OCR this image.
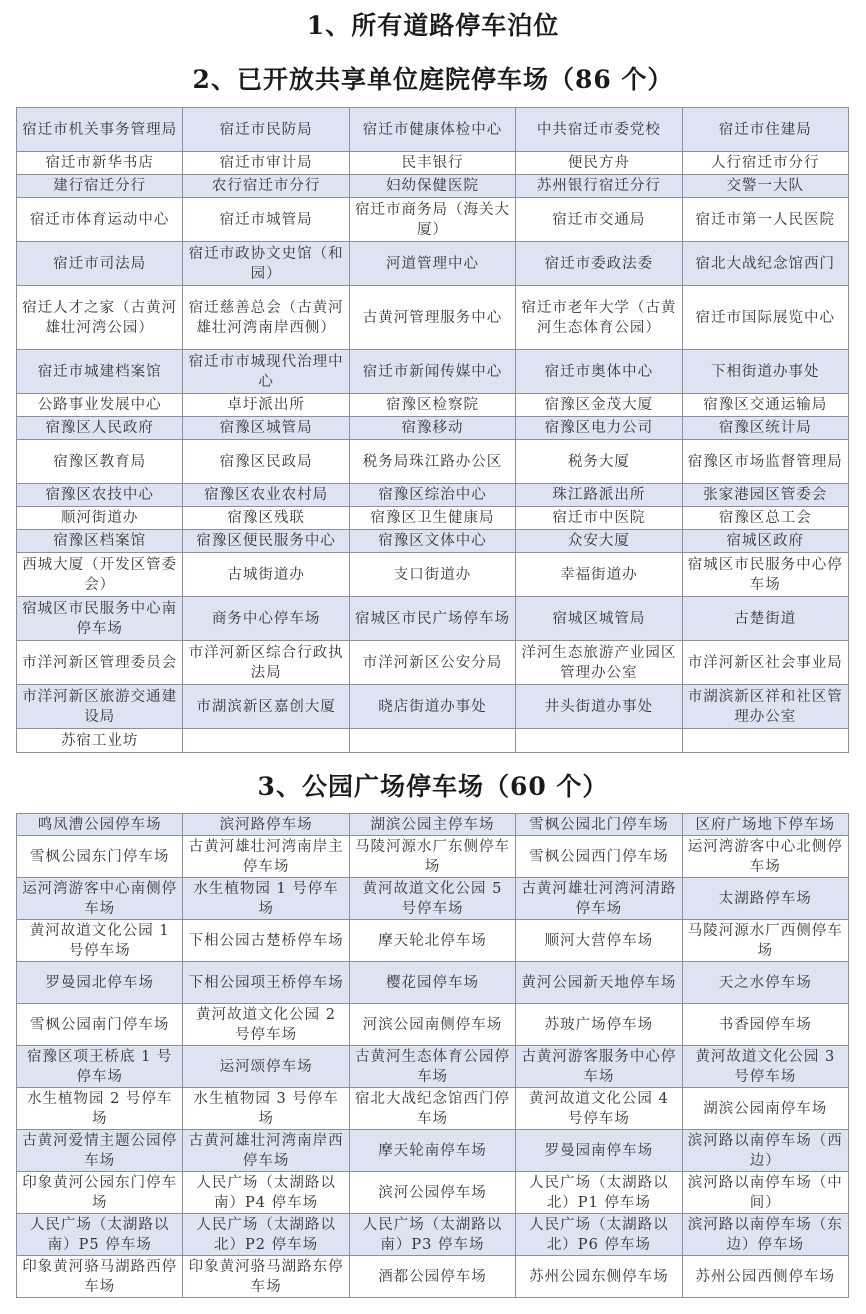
1、所有道路停车泊位
2、已开放共享单位庭院停车场（86 个）
宿迁市机关事务管理局	宿迁市民防局	宿迁市健康体检中心	中共宿迁市委党校	宿迁市住建局
宿迁市新华书店	宿迁市审计局	民丰银行	便民方舟	人行宿迁市分行
建行宿迁分行	农行宿迁市分行	妇幼保健医院	苏州银行宿迁分行	交警一大队
宿迁市体育运动中心	宿迁市城管局	宿迁市商务局（海关大厦）	宿迁市交通局	宿迁市第一人民医院
宿迁市司法局	宿迁市政协文史馆（和园）	河道管理中心	宿迁市委政法委	宿北大战纪念馆西门
宿迁人才之家（古黄河雄壮河湾公园）	宿迁慈善总会（古黄河雄壮河湾南岸西侧）	古黄河管理服务中心	宿迁市老年大学（古黄河生态体育公园）	宿迁市国际展览中心
宿迁市城建档案馆	宿迁市市城现代治理中心	宿迁市新闻传媒中心	宿迁市奥体中心	下相街道办事处
公路事业发展中心	卓圩派出所	宿豫区检察院	宿豫区金茂大厦	宿豫区交通运输局
宿豫区人民政府	宿豫区城管局	宿豫移动	宿豫区电力公司	宿豫区统计局
宿豫区教育局	宿豫区民政局	税务局珠江路办公区	税务大厦	宿豫区市场监督管理局
宿豫区农技中心	宿豫区农业农村局	宿豫区综治中心	珠江路派出所	张家港园区管委会
顺河街道办	宿豫区残联	宿豫区卫生健康局	宿迁市中医院	宿豫区总工会
宿豫区档案馆	宿豫区便民服务中心	宿豫区文体中心	众安大厦	宿城区政府
西城大厦（开发区管委会）	古城街道办	支口街道办	幸福街道办	宿城区市民服务中心停车场
宿城区市民服务中心南停车场	商务中心停车场	宿城区市民广场停车场	宿城区城管局	古楚街道
市洋河新区管理委员会	市洋河新区综合行政执法局	市洋河新区公安分局	洋河生态旅游产业园区管理办公室	市洋河新区社会事业局
市洋河新区旅游交通建设局	市湖滨新区嘉创大厦	晓店街道办事处	井头街道办事处	市湖滨新区祥和社区管理办公室
苏宿工业坊				
3、公园广场停车场（60 个）
鸣凤漕公园停车场	滨河路停车场	湖滨公园主停车场	雪枫公园北门停车场	区府广场地下停车场
雪枫公园东门停车场	古黄河雄壮河湾南岸主停车场	马陵河源水厂东侧停车场	雪枫公园西门停车场	运河湾游客中心北侧停车场
运河湾游客中心南侧停车场	水生植物园 1 号停车场	黄河故道文化公园 5 号停车场	古黄河雄壮河湾河清路停车场	太湖路停车场
黄河故道文化公园 1 号停车场	下相公园古楚桥停车场	摩天轮北停车场	顺河大营停车场	马陵河源水厂西侧停车场
罗曼园北停车场	下相公园项王桥停车场	樱花园停车场	黄河公园新天地停车场	天之水停车场
雪枫公园南门停车场	黄河故道文化公园 2 号停车场	河滨公园南侧停车场	苏玻广场停车场	书香园停车场
宿豫区项王桥底 1 号停车场	运河颂停车场	古黄河生态体育公园停车场	古黄河游客服务中心停车场	黄河故道文化公园 3 号停车场
水生植物园 2 号停车场	水生植物园 3 号停车场	宿北大战纪念馆西门停车场	黄河故道文化公园 4 号停车场	湖滨公园南停车场
古黄河爱情主题公园停车场	古黄河雄壮河湾南岸西停车场	摩天轮南停车场	罗曼园南停车场	滨河路以南停车场（西边）
印象黄河公园东门停车场	人民广场（太湖路以南）P4 停车场	滨河公园停车场	人民广场（太湖路以北）P1 停车场	滨河路以南停车场（中间）
人民广场（太湖路以南）P5 停车场	人民广场（太湖路以北）P2 停车场	人民广场（太湖路以南）P3 停车场	人民广场（太湖路以北）P6 停车场	滨河路以南停车场（东边）停车场
印象黄河骆马湖路西停车场	印象黄河骆马湖路东停车场	酒都公园停车场	苏州公园东侧停车场	苏州公园西侧停车场
